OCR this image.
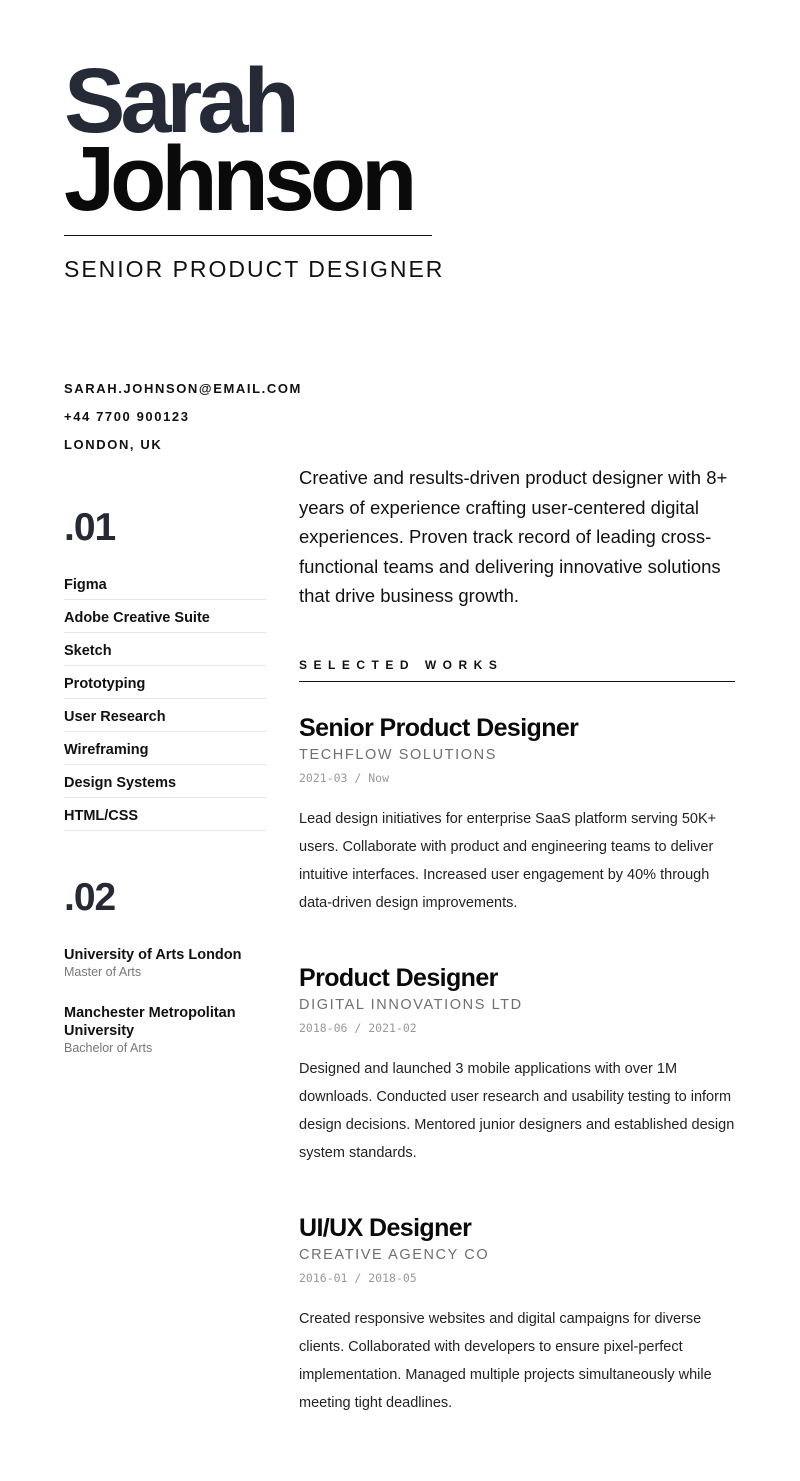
Sarah
Johnson
SENIOR PRODUCT DESIGNER
SARAH.JOHNSON@EMAIL.COM
+44 7700 900123
LONDON, UK
.01
Figma
Adobe Creative Suite
Sketch
Prototyping
User Research
Wireframing
Design Systems
HTML/CSS
.02
University of Arts London
Master of Arts
Manchester Metropolitan University
Bachelor of Arts

Creative and results-driven product designer with 8+ years of experience crafting user-centered digital experiences. Proven track record of leading cross-functional teams and delivering innovative solutions that drive business growth.

SELECTED WORKS
Senior Product Designer
TECHFLOW SOLUTIONS
2021-03 / Now
Lead design initiatives for enterprise SaaS platform serving 50K+ users. Collaborate with product and engineering teams to deliver intuitive interfaces. Increased user engagement by 40% through data-driven design improvements.
Product Designer
DIGITAL INNOVATIONS LTD
2018-06 / 2021-02
Designed and launched 3 mobile applications with over 1M downloads. Conducted user research and usability testing to inform design decisions. Mentored junior designers and established design system standards.
UI/UX Designer
CREATIVE AGENCY CO
2016-01 / 2018-05
Created responsive websites and digital campaigns for diverse clients. Collaborated with developers to ensure pixel-perfect implementation. Managed multiple projects simultaneously while meeting tight deadlines.
